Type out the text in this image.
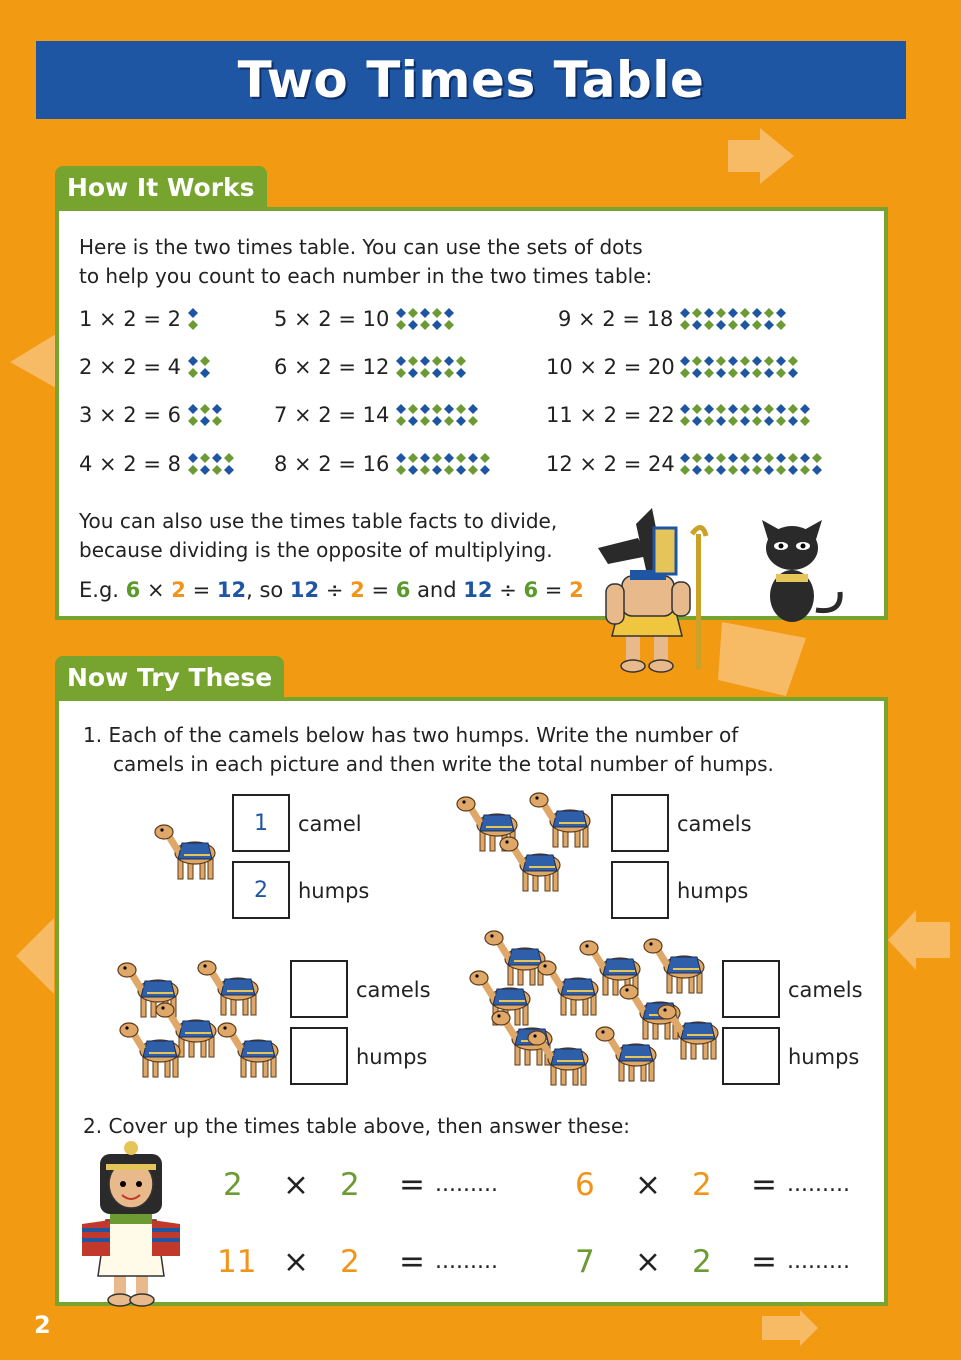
Two Times Table
How It Works

Here is the two times table. You can use the sets of dots

to help you count to each number in the two times table:

1 × 2 = 2
2 × 2 = 4
3 × 2 = 6
4 × 2 = 8
5 × 2 = 10
6 × 2 = 12
7 × 2 = 14
8 × 2 = 16
9 × 2 = 18
10 × 2 = 20
11 × 2 = 22
12 × 2 = 24

You can also use the times table facts to divide,

because dividing is the opposite of multiplying.

E.g. 6 × 2 = 12, so 12 ÷ 2 = 6 and 12 ÷ 6 = 2

Now Try These

1. Each of the camels below has two humps. Write the number of

camels in each picture and then write the total number of humps.

1	camel
2	humps
camels
humps
camels
humps
camels
humps

2. Cover up the times table above, then answer these:

2 × 2 = ......... 6 × 2 = .........
11 × 2 = ......... 7 × 2 = .........
2
